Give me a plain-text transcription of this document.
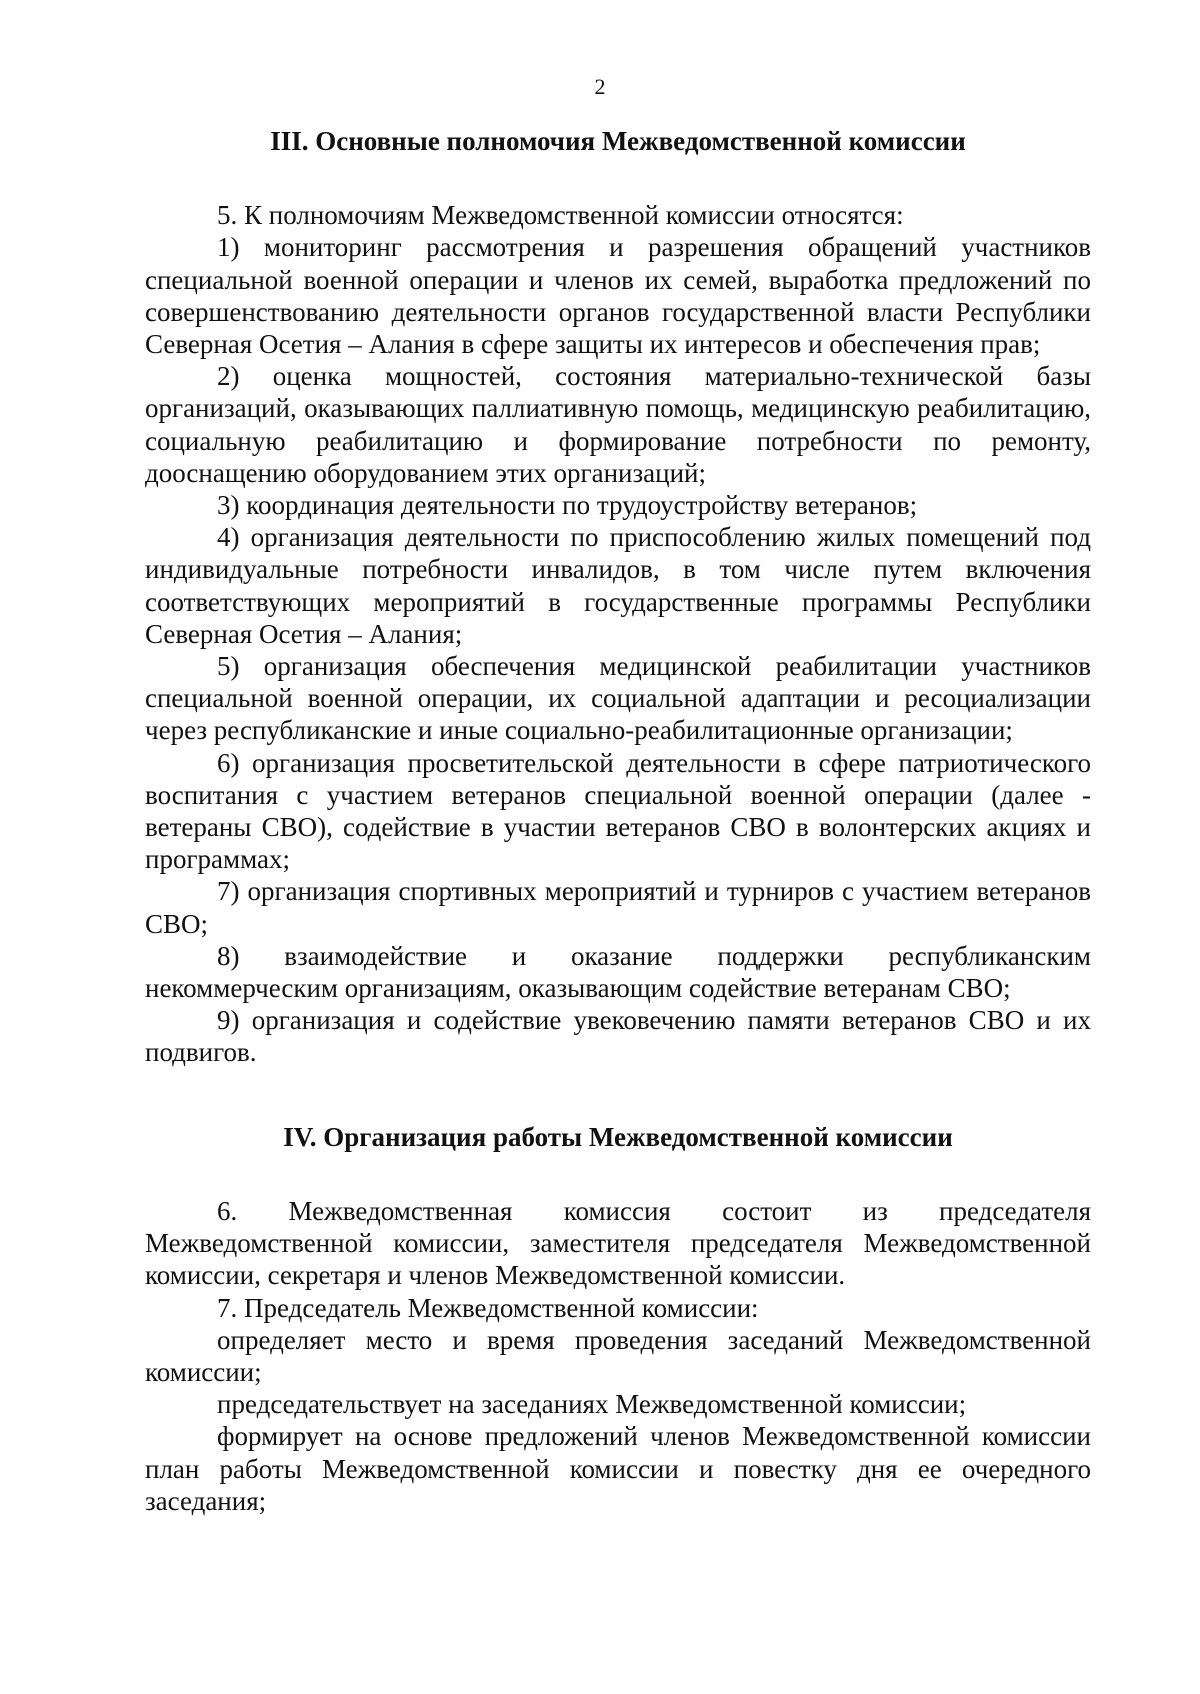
2
III. Основные полномочия Межведомственной комиссии

5. К полномочиям Межведомственной комиссии относятся:

1) мониторинг рассмотрения и разрешения обращений участников специальной военной операции и членов их семей, выработка предложений по совершенствованию деятельности органов государственной власти Республики Северная Осетия – Алания в сфере защиты их интересов и обеспечения прав;

2) оценка мощностей, состояния материально-технической базы организаций, оказывающих паллиативную помощь, медицинскую реабилитацию, социальную реабилитацию и формирование потребности по ремонту, дооснащению оборудованием этих организаций;

3) координация деятельности по трудоустройству ветеранов;

4) организация деятельности по приспособлению жилых помещений под индивидуальные потребности инвалидов, в том числе путем включения соответствующих мероприятий в государственные программы Республики Северная Осетия – Алания;

5) организация обеспечения медицинской реабилитации участников специальной военной операции, их социальной адаптации и ресоциализации через республиканские и иные социально-реабилитационные организации;

6) организация просветительской деятельности в сфере патриотического воспитания с участием ветеранов специальной военной операции (далее - ветераны СВО), содействие в участии ветеранов СВО в волонтерских акциях и программах;

7) организация спортивных мероприятий и турниров с участием ветеранов СВО;

8) взаимодействие и оказание поддержки республиканским некоммерческим организациям, оказывающим содействие ветеранам СВО;

9) организация и содействие увековечению памяти ветеранов СВО и их подвигов.

IV. Организация работы Межведомственной комиссии

6. Межведомственная комиссия состоит из председателя Межведомственной комиссии, заместителя председателя Межведомственной комиссии, секретаря и членов Межведомственной комиссии.

7. Председатель Межведомственной комиссии:

определяет место и время проведения заседаний Межведомственной комиссии;

председательствует на заседаниях Межведомственной комиссии;

формирует на основе предложений членов Межведомственной комиссии план работы Межведомственной комиссии и повестку дня ее очередного заседания;
